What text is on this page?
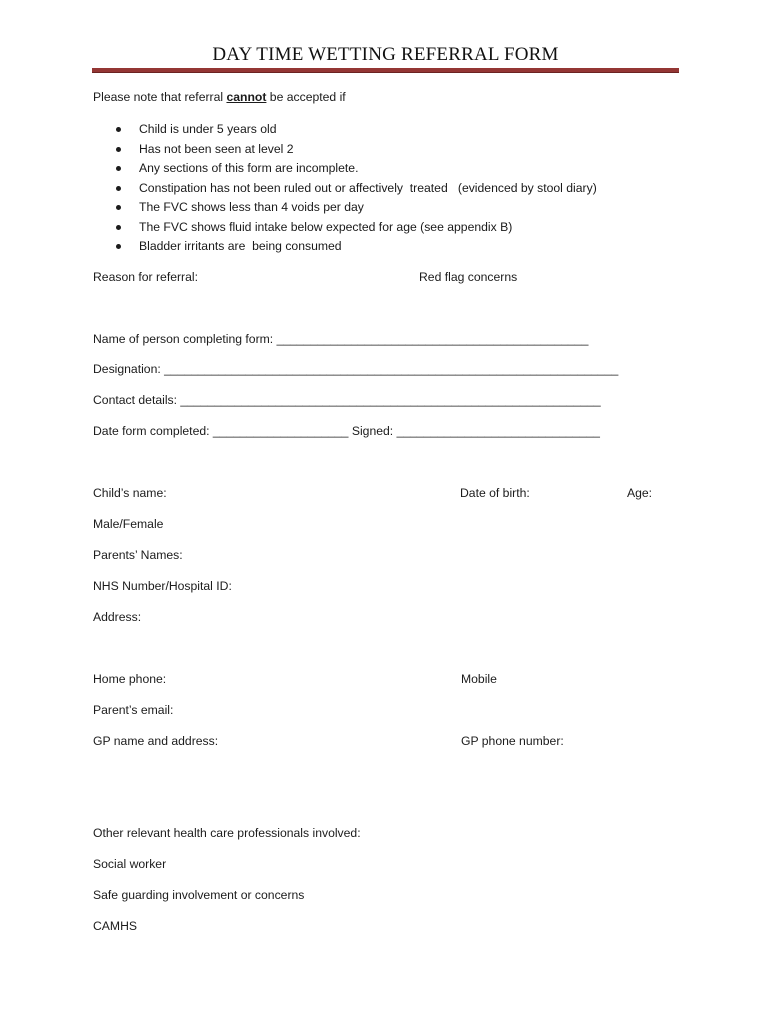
DAY TIME WETTING REFERRAL FORM
Please note that referral cannot be accepted if
Child is under 5 years old
Has not been seen at level 2
Any sections of this form are incomplete.
Constipation has not been ruled out or affectively  treated   (evidenced by stool diary)
The FVC shows less than 4 voids per day
The FVC shows fluid intake below expected for age (see appendix B)
Bladder irritants are  being consumed
Reason for referral:	Red flag concerns
Name of person completing form: ______________________________________________
Designation: ___________________________________________________________________
Contact details: ______________________________________________________________
Date form completed: ____________________ Signed: ______________________________
Child’s name:	Date of birth:	Age:
Male/Female
Parents’ Names:
NHS Number/Hospital ID:
Address:
Home phone:	Mobile
Parent’s email:
GP name and address:	GP phone number:
Other relevant health care professionals involved:
Social worker
Safe guarding involvement or concerns
CAMHS
